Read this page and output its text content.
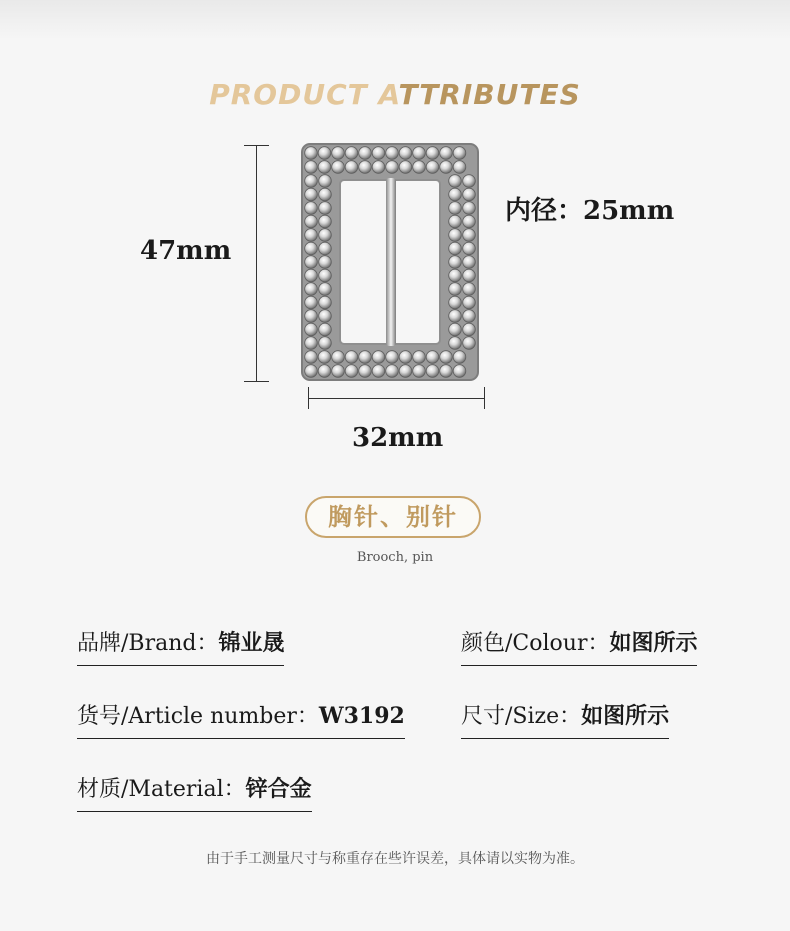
PRODUCT ATTRIBUTES
47mm
32mm
内径：25mm
胸针、别针
Brooch, pin
品牌/Brand：锦业晟	颜色/Colour：如图所示
货号/Article number：W3192	尺寸/Size：如图所示
材质/Material：锌合金
由于手工测量尺寸与称重存在些许误差，具体请以实物为准。
